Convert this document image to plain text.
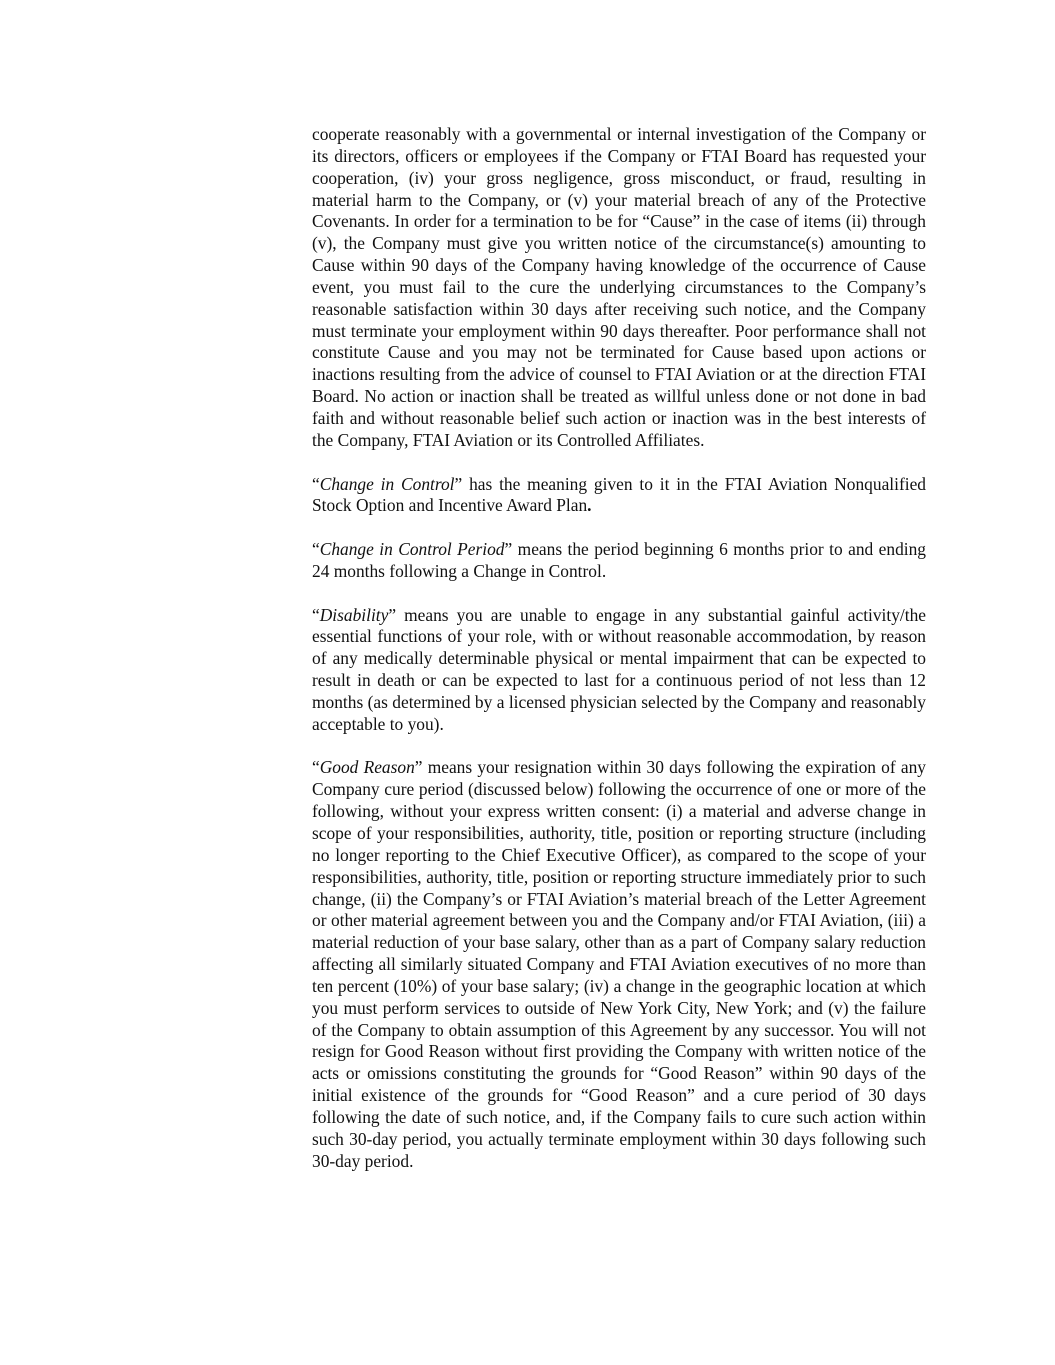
cooperate reasonably with a governmental or internal investigation of the Company or its directors, officers or employees if the Company or FTAI Board has requested your cooperation, (iv) your gross negligence, gross misconduct, or fraud, resulting in material harm to the Company, or (v) your material breach of any of the Protective Covenants. In order for a termination to be for “Cause” in the case of items (ii) through (v), the Company must give you written notice of the circumstance(s) amounting to Cause within 90 days of the Company having knowledge of the occurrence of Cause event, you must fail to the cure the underlying circumstances to the Company’s reasonable satisfaction within 30 days after receiving such notice, and the Company must terminate your employment within 90 days thereafter. Poor performance shall not constitute Cause and you may not be terminated for Cause based upon actions or inactions resulting from the advice of counsel to FTAI Aviation or at the direction FTAI Board. No action or inaction shall be treated as willful unless done or not done in bad faith and without reasonable belief such action or inaction was in the best interests of the Company, FTAI Aviation or its Controlled Affiliates.

“Change in Control” has the meaning given to it in the FTAI Aviation Nonqualified Stock Option and Incentive Award Plan.

“Change in Control Period” means the period beginning 6 months prior to and ending 24 months following a Change in Control.

“Disability” means you are unable to engage in any substantial gainful activity/the essential functions of your role, with or without reasonable accommodation, by reason of any medically determinable physical or mental impairment that can be expected to result in death or can be expected to last for a continuous period of not less than 12 months (as determined by a licensed physician selected by the Company and reasonably acceptable to you).

“Good Reason” means your resignation within 30 days following the expiration of any Company cure period (discussed below) following the occurrence of one or more of the following, without your express written consent: (i) a material and adverse change in scope of your responsibilities, authority, title, position or reporting structure (including no longer reporting to the Chief Executive Officer), as compared to the scope of your responsibilities, authority, title, position or reporting structure immediately prior to such change, (ii) the Company’s or FTAI Aviation’s material breach of the Letter Agreement or other material agreement between you and the Company and/or FTAI Aviation, (iii) a material reduction of your base salary, other than as a part of Company salary reduction affecting all similarly situated Company and FTAI Aviation executives of no more than ten percent (10%) of your base salary; (iv) a change in the geographic location at which you must perform services to outside of New York City, New York; and (v) the failure of the Company to obtain assumption of this Agreement by any successor. You will not resign for Good Reason without first providing the Company with written notice of the acts or omissions constituting the grounds for “Good Reason” within 90 days of the initial existence of the grounds for “Good Reason” and a cure period of 30 days following the date of such notice, and, if the Company fails to cure such action within such 30-day period, you actually terminate employment within 30 days following such 30-day period.
